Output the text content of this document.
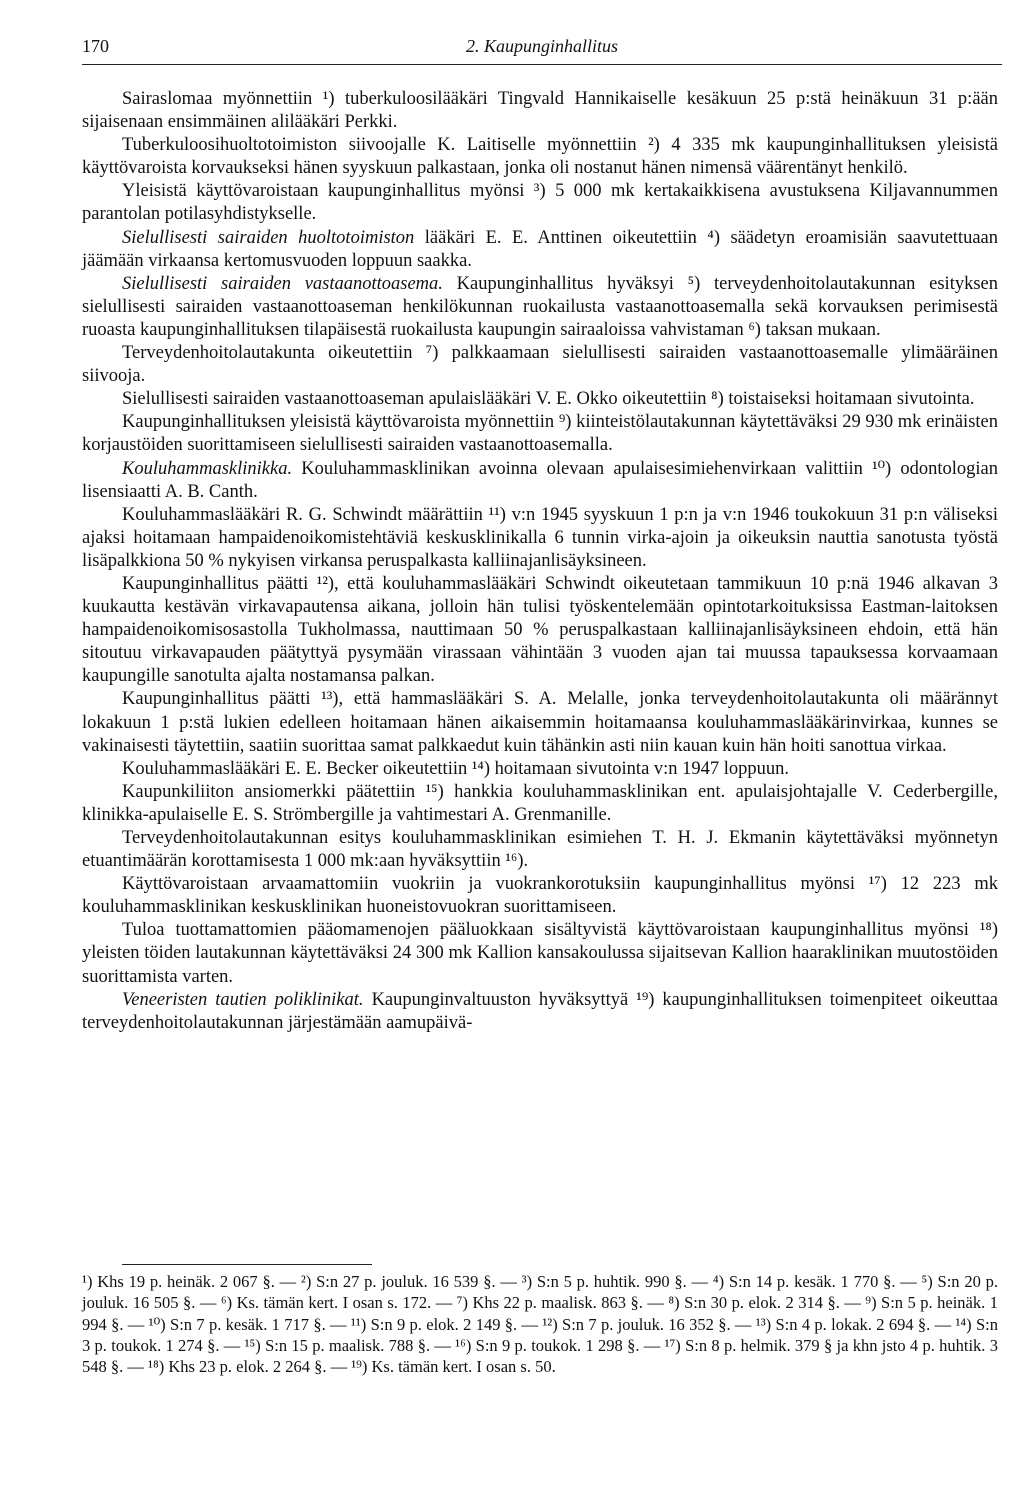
170	2. Kaupunginhallitus

Sairaslomaa myönnettiin ¹) tuberkuloosilääkäri Tingvald Hannikaiselle kesäkuun 25 p:stä heinäkuun 31 p:ään sijaisenaan ensimmäinen alilääkäri Perkki.

Tuberkuloosihuoltotoimiston siivoojalle K. Laitiselle myönnettiin ²) 4 335 mk kaupunginhallituksen yleisistä käyttövaroista korvaukseksi hänen syyskuun palkastaan, jonka oli nostanut hänen nimensä väärentänyt henkilö.

Yleisistä käyttövaroistaan kaupunginhallitus myönsi ³) 5 000 mk kertakaikkisena avustuksena Kiljavannummen parantolan potilasyhdistykselle.

Sielullisesti sairaiden huoltotoimiston lääkäri E. E. Anttinen oikeutettiin ⁴) säädetyn eroamisiän saavutettuaan jäämään virkaansa kertomusvuoden loppuun saakka.

Sielullisesti sairaiden vastaanottoasema. Kaupunginhallitus hyväksyi ⁵) terveydenhoitolautakunnan esityksen sielullisesti sairaiden vastaanottoaseman henkilökunnan ruokailusta vastaanottoasemalla sekä korvauksen perimisestä ruoasta kaupunginhallituksen tilapäisestä ruokailusta kaupungin sairaaloissa vahvistaman ⁶) taksan mukaan.

Terveydenhoitolautakunta oikeutettiin ⁷) palkkaamaan sielullisesti sairaiden vastaanottoasemalle ylimääräinen siivooja.

Sielullisesti sairaiden vastaanottoaseman apulaislääkäri V. E. Okko oikeutettiin ⁸) toistaiseksi hoitamaan sivutointa.

Kaupunginhallituksen yleisistä käyttövaroista myönnettiin ⁹) kiinteistölautakunnan käytettäväksi 29 930 mk erinäisten korjaustöiden suorittamiseen sielullisesti sairaiden vastaanottoasemalla.

Kouluhammasklinikka. Kouluhammasklinikan avoinna olevaan apulaisesimiehenvirkaan valittiin ¹⁰) odontologian lisensiaatti A. B. Canth.

Kouluhammaslääkäri R. G. Schwindt määrättiin ¹¹) v:n 1945 syyskuun 1 p:n ja v:n 1946 toukokuun 31 p:n väliseksi ajaksi hoitamaan hampaidenoikomistehtäviä keskusklinikalla 6 tunnin virka-ajoin ja oikeuksin nauttia sanotusta työstä lisäpalkkiona 50 % nykyisen virkansa peruspalkasta kalliinajanlisäyksineen.

Kaupunginhallitus päätti ¹²), että kouluhammaslääkäri Schwindt oikeutetaan tammikuun 10 p:nä 1946 alkavan 3 kuukautta kestävän virkavapautensa aikana, jolloin hän tulisi työskentelemään opintotarkoituksissa Eastman-laitoksen hampaidenoikomisosastolla Tukholmassa, nauttimaan 50 % peruspalkastaan kalliinajanlisäyksineen ehdoin, että hän sitoutuu virkavapauden päätyttyä pysymään virassaan vähintään 3 vuoden ajan tai muussa tapauksessa korvaamaan kaupungille sanotulta ajalta nostamansa palkan.

Kaupunginhallitus päätti ¹³), että hammaslääkäri S. A. Melalle, jonka terveydenhoitolautakunta oli määrännyt lokakuun 1 p:stä lukien edelleen hoitamaan hänen aikaisemmin hoitamaansa kouluhammaslääkärinvirkaa, kunnes se vakinaisesti täytettiin, saatiin suorittaa samat palkkaedut kuin tähänkin asti niin kauan kuin hän hoiti sanottua virkaa.

Kouluhammaslääkäri E. E. Becker oikeutettiin ¹⁴) hoitamaan sivutointa v:n 1947 loppuun.

Kaupunkiliiton ansiomerkki päätettiin ¹⁵) hankkia kouluhammasklinikan ent. apulaisjohtajalle V. Cederbergille, klinikka-apulaiselle E. S. Strömbergille ja vahtimestari A. Grenmanille.

Terveydenhoitolautakunnan esitys kouluhammasklinikan esimiehen T. H. J. Ekmanin käytettäväksi myönnetyn etuantimäärän korottamisesta 1 000 mk:aan hyväksyttiin ¹⁶).

Käyttövaroistaan arvaamattomiin vuokriin ja vuokrankorotuksiin kaupunginhallitus myönsi ¹⁷) 12 223 mk kouluhammasklinikan keskusklinikan huoneistovuokran suorittamiseen.

Tuloa tuottamattomien pääomamenojen pääluokkaan sisältyvistä käyttövaroistaan kaupunginhallitus myönsi ¹⁸) yleisten töiden lautakunnan käytettäväksi 24 300 mk Kallion kansakoulussa sijaitsevan Kallion haaraklinikan muutostöiden suorittamista varten.

Veneeristen tautien poliklinikat. Kaupunginvaltuuston hyväksyttyä ¹⁹) kaupunginhallituksen toimenpiteet oikeuttaa terveydenhoitolautakunnan järjestämään aamupäivä-

¹) Khs 19 p. heinäk. 2 067 §. — ²) S:n 27 p. jouluk. 16 539 §. — ³) S:n 5 p. huhtik. 990 §. — ⁴) S:n 14 p. kesäk. 1 770 §. — ⁵) S:n 20 p. jouluk. 16 505 §. — ⁶) Ks. tämän kert. I osan s. 172. — ⁷) Khs 22 p. maalisk. 863 §. — ⁸) S:n 30 p. elok. 2 314 §. — ⁹) S:n 5 p. heinäk. 1 994 §. — ¹⁰) S:n 7 p. kesäk. 1 717 §. — ¹¹) S:n 9 p. elok. 2 149 §. — ¹²) S:n 7 p. jouluk. 16 352 §. — ¹³) S:n 4 p. lokak. 2 694 §. — ¹⁴) S:n 3 p. toukok. 1 274 §. — ¹⁵) S:n 15 p. maalisk. 788 §. — ¹⁶) S:n 9 p. toukok. 1 298 §. — ¹⁷) S:n 8 p. helmik. 379 § ja khn jsto 4 p. huhtik. 3 548 §. — ¹⁸) Khs 23 p. elok. 2 264 §. — ¹⁹) Ks. tämän kert. I osan s. 50.
